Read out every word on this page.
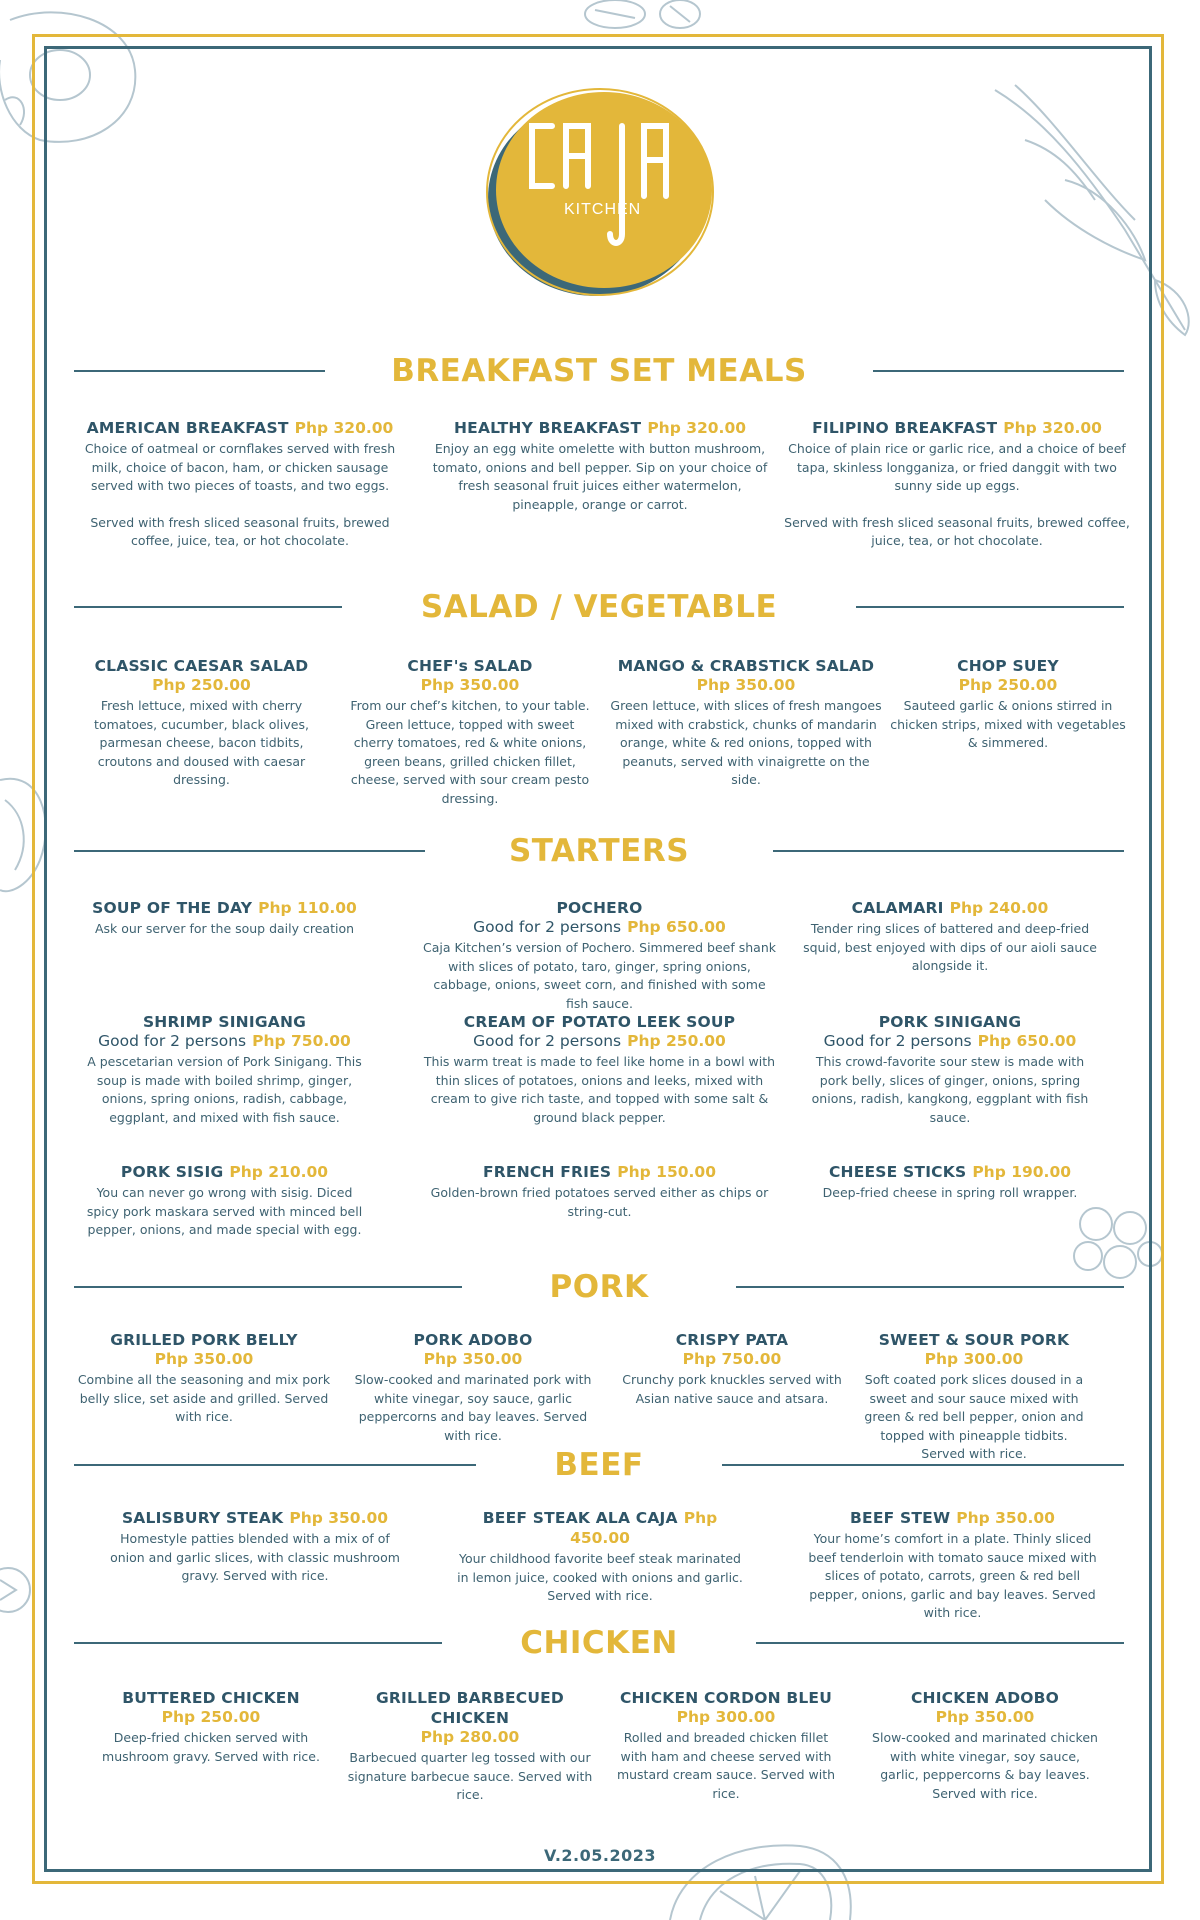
KITCHEN
BREAKFAST SET MEALS
AMERICAN BREAKFAST Php 320.00
Choice of oatmeal or cornflakes served with fresh milk, choice of bacon, ham, or chicken sausage served with two pieces of toasts, and two eggs.
Served with fresh sliced seasonal fruits, brewed coffee, juice, tea, or hot chocolate.
HEALTHY BREAKFAST Php 320.00
Enjoy an egg white omelette with button mushroom, tomato, onions and bell pepper. Sip on your choice of fresh seasonal fruit juices either watermelon, pineapple, orange or carrot.
FILIPINO BREAKFAST Php 320.00
Choice of plain rice or garlic rice, and a choice of beef tapa, skinless longganiza, or fried danggit with two sunny side up eggs.
Served with fresh sliced seasonal fruits, brewed coffee, juice, tea, or hot chocolate.
SALAD / VEGETABLE
CLASSIC CAESAR SALAD
Php 250.00
Fresh lettuce, mixed with cherry tomatoes, cucumber, black olives, parmesan cheese, bacon tidbits, croutons and doused with caesar dressing.
CHEF's SALAD
Php 350.00
From our chef’s kitchen, to your table. Green lettuce, topped with sweet cherry tomatoes, red & white onions, green beans, grilled chicken fillet, cheese, served with sour cream pesto dressing.
MANGO & CRABSTICK SALAD
Php 350.00
Green lettuce, with slices of fresh mangoes mixed with crabstick, chunks of mandarin orange, white & red onions, topped with peanuts, served with vinaigrette on the side.
CHOP SUEY
Php 250.00
Sauteed garlic & onions stirred in chicken strips, mixed with vegetables & simmered.
STARTERS
SOUP OF THE DAY Php 110.00
Ask our server for the soup daily creation
POCHERO
Good for 2 persons Php 650.00
Caja Kitchen’s version of Pochero. Simmered beef shank with slices of potato, taro, ginger, spring onions, cabbage, onions, sweet corn, and finished with some fish sauce.
CALAMARI Php 240.00
Tender ring slices of battered and deep-fried squid, best enjoyed with dips of our aioli sauce alongside it.
SHRIMP SINIGANG
Good for 2 persons Php 750.00
A pescetarian version of Pork Sinigang. This soup is made with boiled shrimp, ginger, onions, spring onions, radish, cabbage, eggplant, and mixed with fish sauce.
CREAM OF POTATO LEEK SOUP
Good for 2 persons Php 250.00
This warm treat is made to feel like home in a bowl with thin slices of potatoes, onions and leeks, mixed with cream to give rich taste, and topped with some salt & ground black pepper.
PORK SINIGANG
Good for 2 persons Php 650.00
This crowd-favorite sour stew is made with pork belly, slices of ginger, onions, spring onions, radish, kangkong, eggplant with fish sauce.
PORK SISIG Php 210.00
You can never go wrong with sisig. Diced spicy pork maskara served with minced bell pepper, onions, and made special with egg.
FRENCH FRIES Php 150.00
Golden-brown fried potatoes served either as chips or string-cut.
CHEESE STICKS Php 190.00
Deep-fried cheese in spring roll wrapper.
PORK
GRILLED PORK BELLY
Php 350.00
Combine all the seasoning and mix pork belly slice, set aside and grilled. Served with rice.
PORK ADOBO
Php 350.00
Slow-cooked and marinated pork with white vinegar, soy sauce, garlic peppercorns and bay leaves. Served with rice.
CRISPY PATA
Php 750.00
Crunchy pork knuckles served with Asian native sauce and atsara.
SWEET & SOUR PORK
Php 300.00
Soft coated pork slices doused in a sweet and sour sauce mixed with green & red bell pepper, onion and topped with pineapple tidbits. Served with rice.
BEEF
SALISBURY STEAK Php 350.00
Homestyle patties blended with a mix of of onion and garlic slices, with classic mushroom gravy. Served with rice.
BEEF STEAK ALA CAJA Php 450.00
Your childhood favorite beef steak marinated in lemon juice, cooked with onions and garlic. Served with rice.
BEEF STEW Php 350.00
Your home’s comfort in a plate. Thinly sliced beef tenderloin with tomato sauce mixed with slices of potato, carrots, green & red bell pepper, onions, garlic and bay leaves. Served with rice.
CHICKEN
BUTTERED CHICKEN
Php 250.00
Deep-fried chicken served with mushroom gravy. Served with rice.
GRILLED BARBECUED CHICKEN
Php 280.00
Barbecued quarter leg tossed with our signature barbecue sauce. Served with rice.
CHICKEN CORDON BLEU
Php 300.00
Rolled and breaded chicken fillet with ham and cheese served with mustard cream sauce. Served with rice.
CHICKEN ADOBO
Php 350.00
Slow-cooked and marinated chicken with white vinegar, soy sauce, garlic, peppercorns & bay leaves. Served with rice.
V.2.05.2023
